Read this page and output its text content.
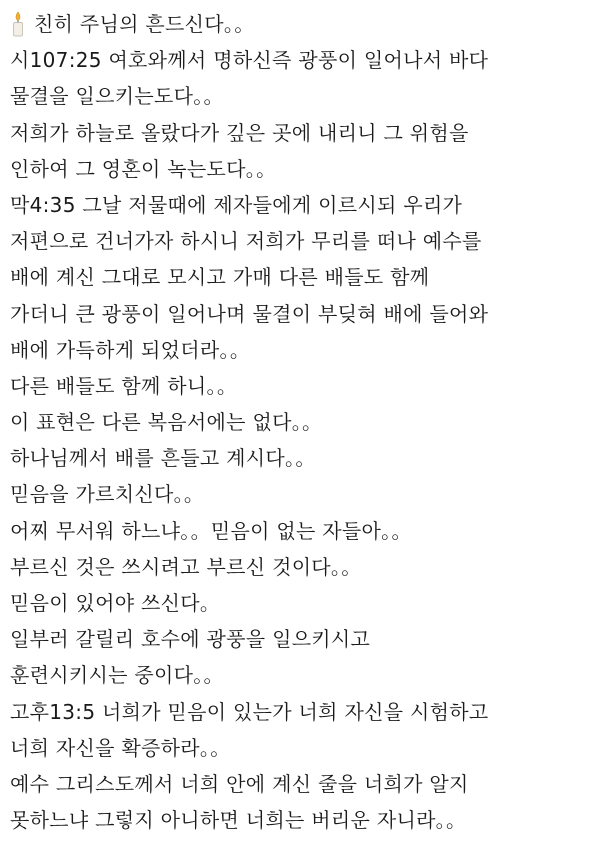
친히 주님의 흔드신다。。
시107:25 여호와께서 명하신즉 광풍이 일어나서 바다
물결을 일으키는도다。。
저희가 하늘로 올랐다가 깊은 곳에 내리니 그 위험을
인하여 그 영혼이 녹는도다。。
막4:35 그날 저물때에 제자들에게 이르시되 우리가
저편으로 건너가자 하시니 저희가 무리를 떠나 예수를
배에 계신 그대로 모시고 가매 다른 배들도 함께
가더니 큰 광풍이 일어나며 물결이 부딪혀 배에 들어와
배에 가득하게 되었더라。。
다른 배들도 함께 하니。。
이 표현은 다른 복음서에는 없다。。
하나님께서 배를 흔들고 계시다。。
믿음을 가르치신다。。
어찌 무서워 하느냐。。믿음이 없는 자들아。。
부르신 것은 쓰시려고 부르신 것이다。。
믿음이 있어야 쓰신다。
일부러 갈릴리 호수에 광풍을 일으키시고
훈련시키시는 중이다。。
고후13:5 너희가 믿음이 있는가 너희 자신을 시험하고
너희 자신을 확증하라。。
예수 그리스도께서 너희 안에 계신 줄을 너희가 알지
못하느냐 그렇지 아니하면 너희는 버리운 자니라。。
